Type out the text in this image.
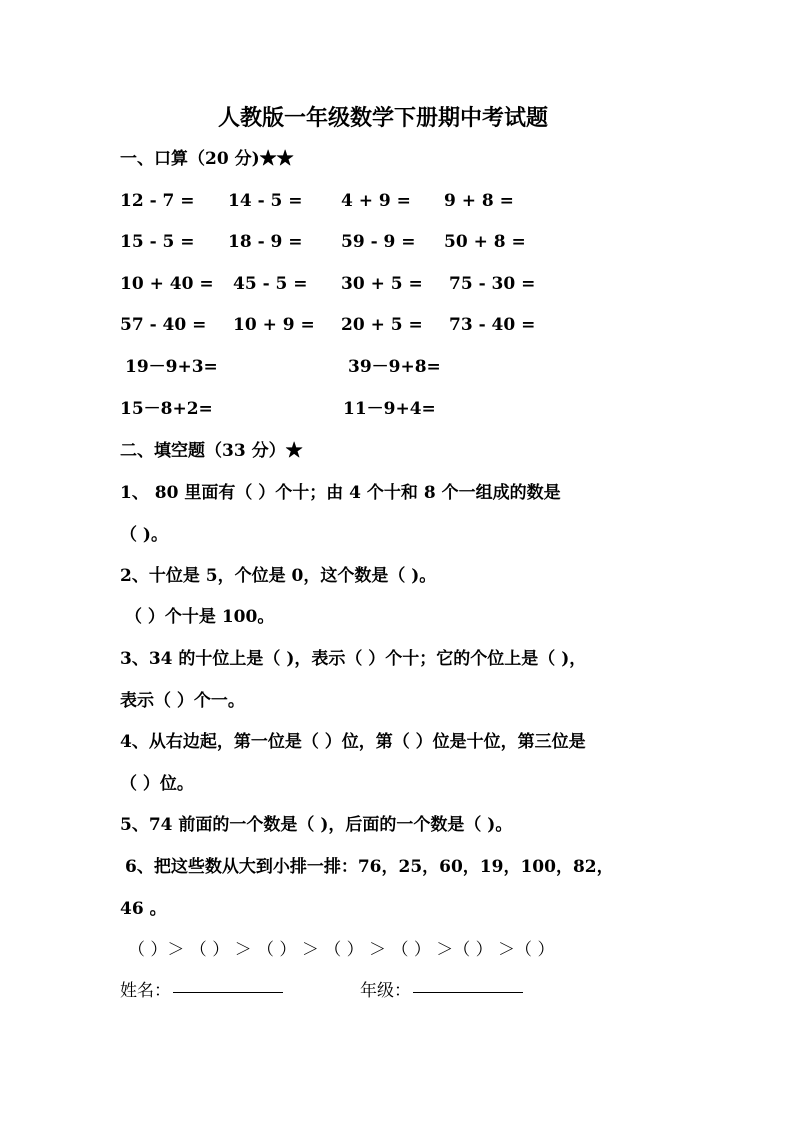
人教版一年级数学下册期中考试题
一、口算（20 分)★★
12 - 7 = 14 - 5 = 4 + 9 = 9 + 8 =
15 - 5 = 18 - 9 = 59 - 9 = 50 + 8 =
10 + 40 = 45 - 5 = 30 + 5 = 75 - 30 =
57 - 40 = 10 + 9 = 20 + 5 = 73 - 40 =
19－9+3=	39－9+8=
15－8+2=	11－9+4=
二、填空题（33 分）★
1、 80 里面有（ ）个十；由 4 个十和 8 个一组成的数是
（ )。
2、十位是 5，个位是 0，这个数是（ )。
（ ）个十是 100。
3、34 的十位上是（ )，表示（ ）个十；它的个位上是（ )，
表示（ ）个一。
4、从右边起，第一位是（ ）位，第（ ）位是十位，第三位是
（ ）位。
5、74 前面的一个数是（ )，后面的一个数是（ )。
6、把这些数从大到小排一排：76，25，60，19，100，82，
46 。
（ ）＞ （ ） ＞ （ ） ＞ （ ） ＞ （ ） ＞（ ） ＞（ ）
姓名：	年级：
